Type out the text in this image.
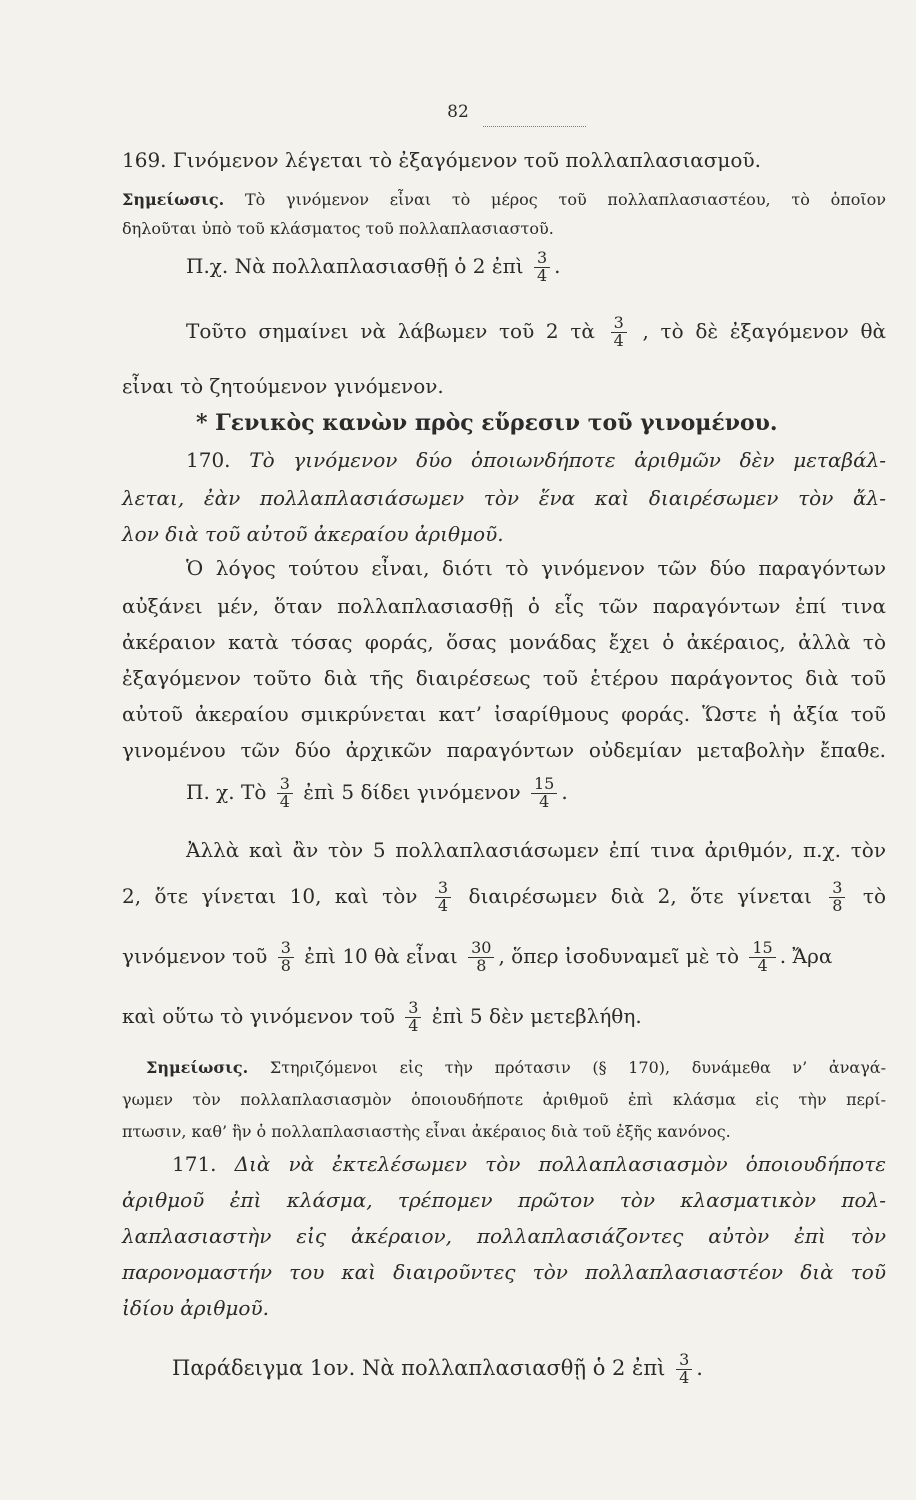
82
169. Γινόμενον λέγεται τὸ ἐξαγόμενον τοῦ πολλαπλασιασμοῦ.
Σημείωσις. Τὸ γινόμενον εἶναι τὸ μέρος τοῦ πολλαπλασιαστέου, τὸ ὁποῖον
δηλοῦται ὑπὸ τοῦ κλάσματος τοῦ πολλαπλασιαστοῦ.
Π.χ. Νὰ πολλαπλασιασθῇ ὁ 2 ἐπὶ $\frac{3}{4}$ .
Τοῦτο σημαίνει νὰ λάβωμεν τοῦ 2 τὰ $\frac{3}{4}$ , τὸ δὲ ἐξαγόμενον θὰ
εἶναι τὸ ζητούμενον γινόμενον.
* Γενικὸς κανὼν πρὸς εὕρεσιν τοῦ γινομένου.
170. Τὸ γινόμενον δύο ὁποιωνδήποτε ἀριθμῶν δὲν μεταβάλ-
λεται, ἐὰν πολλαπλασιάσωμεν τὸν ἕνα καὶ διαιρέσωμεν τὸν ἄλ-
λον διὰ τοῦ αὐτοῦ ἀκεραίου ἀριθμοῦ.
Ὁ λόγος τούτου εἶναι, διότι τὸ γινόμενον τῶν δύο παραγόντων
αὐξάνει μέν, ὅταν πολλαπλασιασθῇ ὁ εἷς τῶν παραγόντων ἐπί τινα
ἀκέραιον κατὰ τόσας φοράς, ὅσας μονάδας ἔχει ὁ ἀκέραιος, ἀλλὰ τὸ
ἐξαγόμενον τοῦτο διὰ τῆς διαιρέσεως τοῦ ἑτέρου παράγοντος διὰ τοῦ
αὐτοῦ ἀκεραίου σμικρύνεται κατ’ ἰσαρίθμους φοράς. Ὥστε ἡ ἀξία τοῦ
γινομένου τῶν δύο ἀρχικῶν παραγόντων οὐδεμίαν μεταβολὴν ἔπαθε.
Π. χ. Τὸ $\frac{3}{4}$ ἐπὶ 5 δίδει γινόμενον $\frac{15}{4}$ .
Ἀλλὰ καὶ ἂν τὸν 5 πολλαπλασιάσωμεν ἐπί τινα ἀριθμόν, π.χ. τὸν
2, ὅτε γίνεται 10, καὶ τὸν $\frac{3}{4}$ διαιρέσωμεν διὰ 2, ὅτε γίνεται $\frac{3}{8}$ τὸ
γινόμενον τοῦ $\frac{3}{8}$ ἐπὶ 10 θὰ εἶναι $\frac{30}{8}$ , ὅπερ ἰσοδυναμεῖ μὲ τὸ $\frac{15}{4}$ . Ἄρα
καὶ οὕτω τὸ γινόμενον τοῦ $\frac{3}{4}$ ἐπὶ 5 δὲν μετεβλήθη.
Σημείωσις. Στηριζόμενοι εἰς τὴν πρότασιν (§ 170), δυνάμεθα ν’ ἀναγά-
γωμεν τὸν πολλαπλασιασμὸν ὁποιουδήποτε ἀριθμοῦ ἐπὶ κλάσμα εἰς τὴν περί-
πτωσιν, καθ’ ἣν ὁ πολλαπλασιαστὴς εἶναι ἀκέραιος διὰ τοῦ ἑξῆς κανόνος.
171. Διὰ νὰ ἐκτελέσωμεν τὸν πολλαπλασιασμὸν ὁποιουδήποτε
ἀριθμοῦ ἐπὶ κλάσμα, τρέπομεν πρῶτον τὸν κλασματικὸν πολ-
λαπλασιαστὴν εἰς ἀκέραιον, πολλαπλασιάζοντες αὐτὸν ἐπὶ τὸν
παρονομαστήν του καὶ διαιροῦντες τὸν πολλαπλασιαστέον διὰ τοῦ
ἰδίου ἀριθμοῦ.
Παράδειγμα 1ον. Νὰ πολλαπλασιασθῇ ὁ 2 ἐπὶ $\frac{3}{4}$ .
